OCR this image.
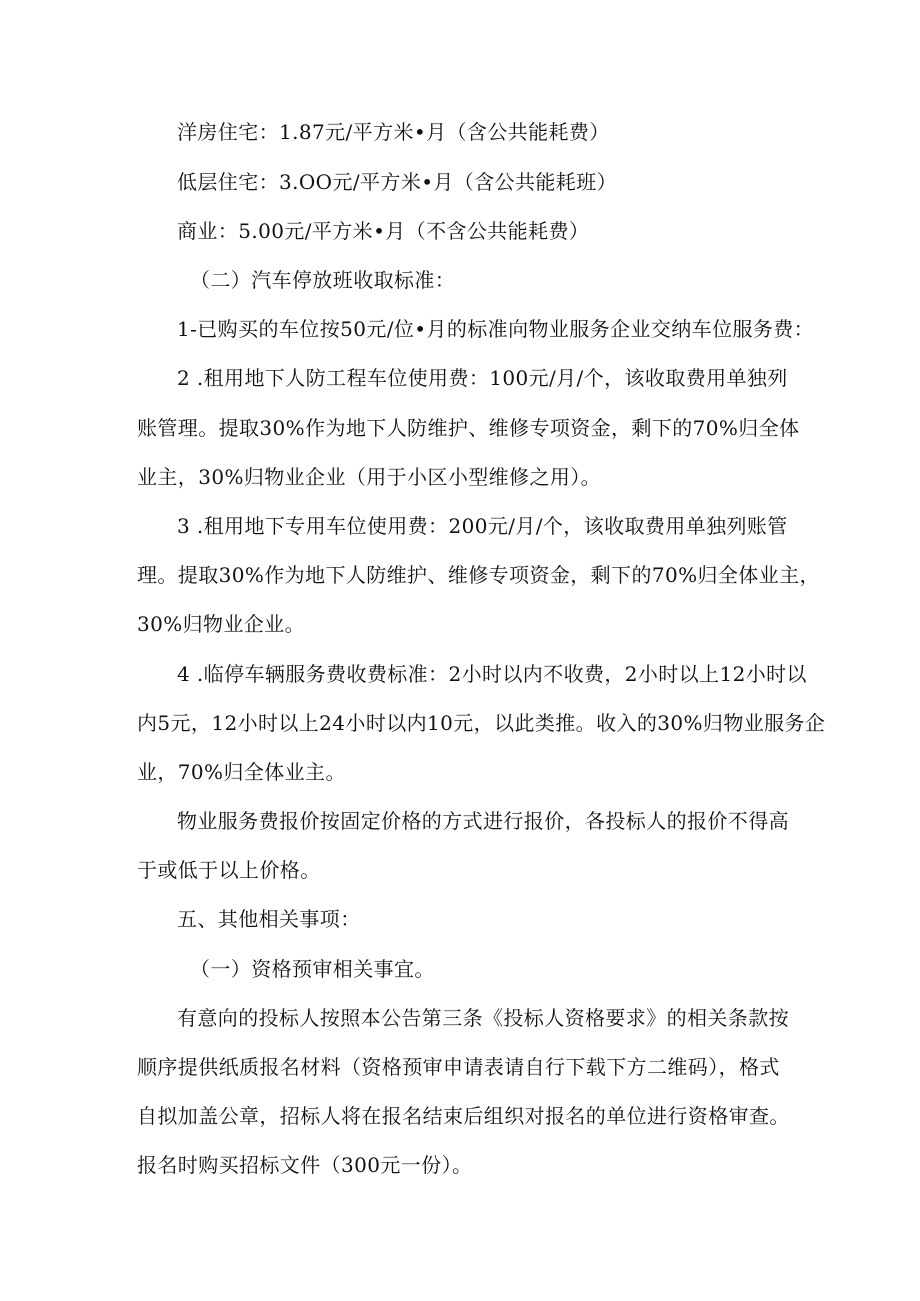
洋房住宅：1.87元/平方米•月（含公共能耗费）
低层住宅：3.OO元/平方米•月（含公共能耗班）
商业：5.00元/平方米•月（不含公共能耗费）
（二）汽车停放班收取标准：
1-已购买的车位按50元/位•月的标准向物业服务企业交纳车位服务费：
2 .租用地下人防工程车位使用费：100元/月/个，该收取费用单独列
账管理。提取30%作为地下人防维护、维修专项资金，剩下的70%归全体
业主，30%归物业企业（用于小区小型维修之用）。
3 .租用地下专用车位使用费：200元/月/个，该收取费用单独列账管
理。提取30%作为地下人防维护、维修专项资金，剩下的70%归全体业主，
30%归物业企业。
4 .临停车辆服务费收费标准：2小时以内不收费，2小时以上12小时以
内5元，12小时以上24小时以内10元，以此类推。收入的30%归物业服务企
业，70%归全体业主。
物业服务费报价按固定价格的方式进行报价，各投标人的报价不得高
于或低于以上价格。
五、其他相关事项：
（一）资格预审相关事宜。
有意向的投标人按照本公告第三条《投标人资格要求》的相关条款按
顺序提供纸质报名材料（资格预审申请表请自行下载下方二维码），格式
自拟加盖公章，招标人将在报名结束后组织对报名的单位进行资格审查。
报名时购买招标文件（300元一份）。
